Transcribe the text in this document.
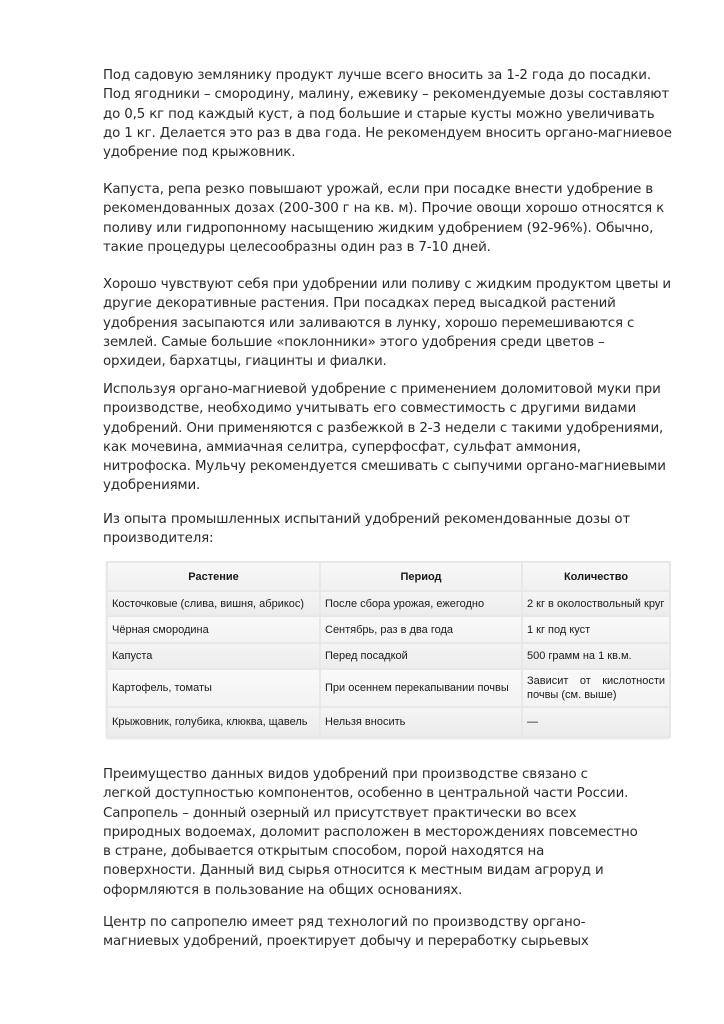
Под садовую землянику продукт лучше всего вносить за 1-2 года до посадки.
Под ягодники – смородину, малину, ежевику – рекомендуемые дозы составляют
до 0,5 кг под каждый куст, а под большие и старые кусты можно увеличивать
до 1 кг. Делается это раз в два года. Не рекомендуем вносить органо-магниевое
удобрение под крыжовник.
Капуста, репа резко повышают урожай, если при посадке внести удобрение в
рекомендованных дозах (200-300 г на кв. м). Прочие овощи хорошо относятся к
поливу или гидропонному насыщению жидким удобрением (92-96%). Обычно,
такие процедуры целесообразны один раз в 7-10 дней.
Хорошо чувствуют себя при удобрении или поливу с жидким продуктом цветы и
другие декоративные растения. При посадках перед высадкой растений
удобрения засыпаются или заливаются в лунку, хорошо перемешиваются с
землей. Самые большие «поклонники» этого удобрения среди цветов –
орхидеи, бархатцы, гиацинты и фиалки.
Используя органо-магниевой удобрение с применением доломитовой муки при
производстве, необходимо учитывать его совместимость с другими видами
удобрений. Они применяются с разбежкой в 2-3 недели с такими удобрениями,
как мочевина, аммиачная селитра, суперфосфат, сульфат аммония,
нитрофоска. Мульчу рекомендуется смешивать с сыпучими органо-магниевыми
удобрениями.
Из опыта промышленных испытаний удобрений рекомендованные дозы от
производителя:
Растение	Период	Количество
Косточковые (слива, вишня, абрикос)	После сбора урожая, ежегодно	2 кг в околоствольный круг
Чёрная смородина	Сентябрь, раз в два года	1 кг под куст
Капуста	Перед посадкой	500 грамм на 1 кв.м.
Картофель, томаты	При осеннем перекапывании почвы	Зависит от кислотности почвы (см. выше)
Крыжовник, голубика, клюква, щавель	Нельзя вносить	—
Преимущество данных видов удобрений при производстве связано с
легкой доступностью компонентов, особенно в центральной части России.
Сапропель – донный озерный ил присутствует практически во всех
природных водоемах, доломит расположен в месторождениях повсеместно
в стране, добывается открытым способом, порой находятся на
поверхности. Данный вид сырья относится к местным видам агроруд и
оформляются в пользование на общих основаниях.
Центр по сапропелю имеет ряд технологий по производству органо-
магниевых удобрений, проектирует добычу и переработку сырьевых
